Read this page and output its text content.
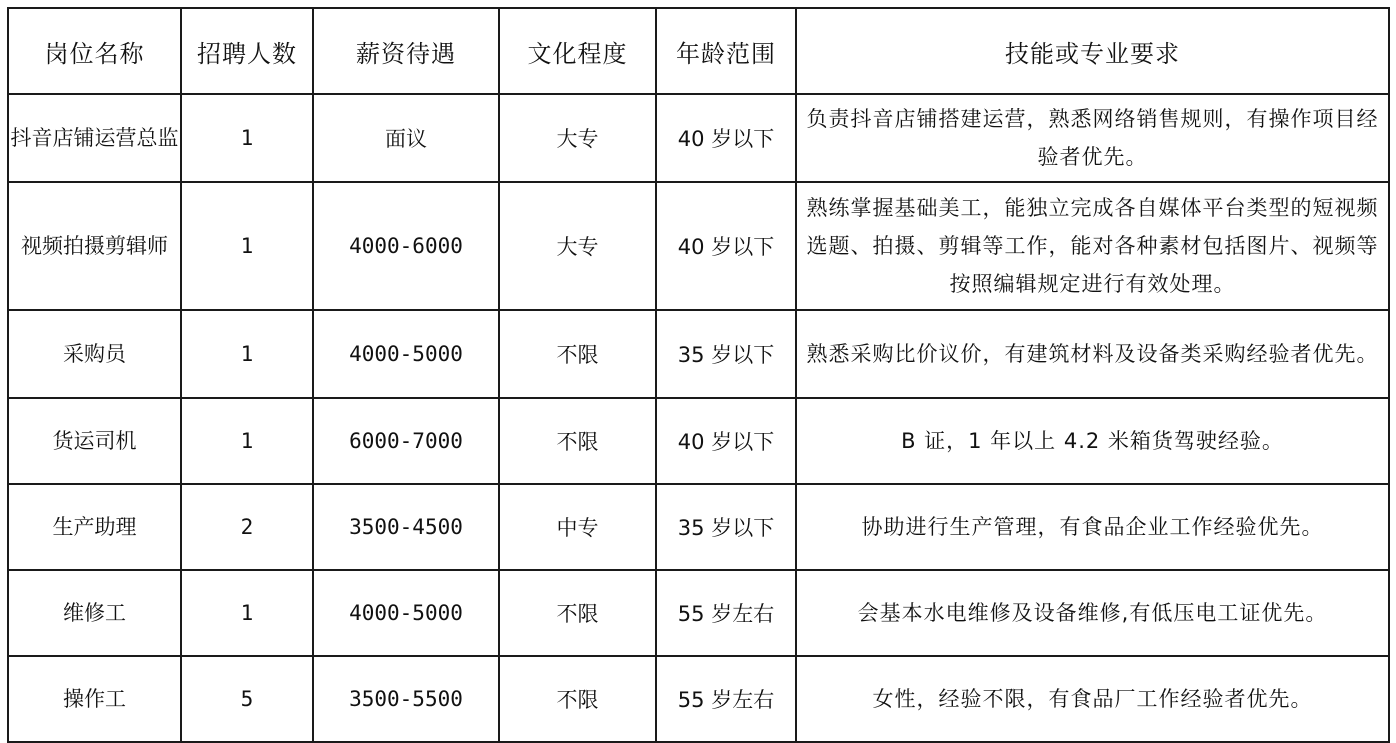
岗位名称	招聘人数	薪资待遇	文化程度	年龄范围	技能或专业要求
抖音店铺运营总监	1	面议	大专	40 岁以下	负责抖音店铺搭建运营，熟悉网络销售规则，有操作项目经验者优先。
视频拍摄剪辑师	1	4000-6000	大专	40 岁以下	熟练掌握基础美工，能独立完成各自媒体平台类型的短视频选题、拍摄、剪辑等工作，能对各种素材包括图片、视频等按照编辑规定进行有效处理。
采购员	1	4000-5000	不限	35 岁以下	熟悉采购比价议价，有建筑材料及设备类采购经验者优先。
货运司机	1	6000-7000	不限	40 岁以下	B 证，1 年以上 4.2 米箱货驾驶经验。
生产助理	2	3500-4500	中专	35 岁以下	协助进行生产管理，有食品企业工作经验优先。
维修工	1	4000-5000	不限	55 岁左右	会基本水电维修及设备维修,有低压电工证优先。
操作工	5	3500-5500	不限	55 岁左右	女性，经验不限，有食品厂工作经验者优先。
